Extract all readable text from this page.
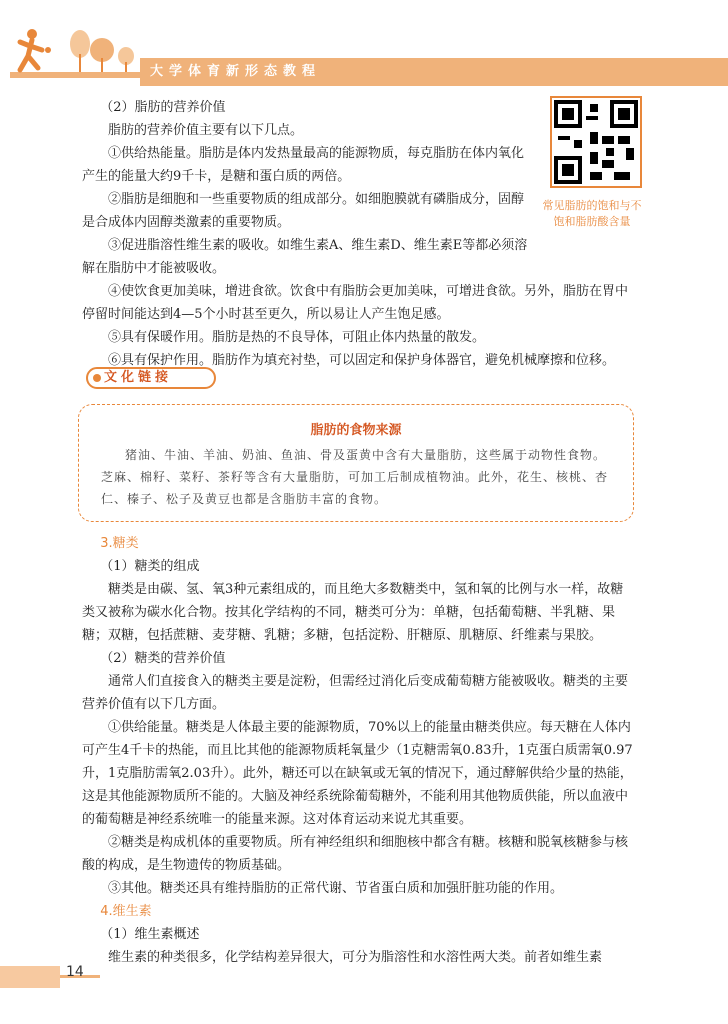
大学体育新形态教程
常见脂肪的饱和与不饱和脂肪酸含量

（2）脂肪的营养价值

脂肪的营养价值主要有以下几点。

①供给热能量。脂肪是体内发热量最高的能源物质，每克脂肪在体内氧化产生的能量大约9千卡，是糖和蛋白质的两倍。

②脂肪是细胞和一些重要物质的组成部分。如细胞膜就有磷脂成分，固醇是合成体内固醇类激素的重要物质。

③促进脂溶性维生素的吸收。如维生素A、维生素D、维生素E等都必须溶解在脂肪中才能被吸收。

④使饮食更加美味，增进食欲。饮食中有脂肪会更加美味，可增进食欲。另外，脂肪在胃中停留时间能达到4—5个小时甚至更久，所以易让人产生饱足感。

⑤具有保暖作用。脂肪是热的不良导体，可阻止体内热量的散发。

⑥具有保护作用。脂肪作为填充衬垫，可以固定和保护身体器官，避免机械摩擦和位移。

文化链接
脂肪的食物来源

猪油、牛油、羊油、奶油、鱼油、骨及蛋黄中含有大量脂肪，这些属于动物性食物。芝麻、棉籽、菜籽、茶籽等含有大量脂肪，可加工后制成植物油。此外，花生、核桃、杏仁、榛子、松子及黄豆也都是含脂肪丰富的食物。

3.糖类

（1）糖类的组成

糖类是由碳、氢、氧3种元素组成的，而且绝大多数糖类中，氢和氧的比例与水一样，故糖类又被称为碳水化合物。按其化学结构的不同，糖类可分为：单糖，包括葡萄糖、半乳糖、果糖；双糖，包括蔗糖、麦芽糖、乳糖；多糖，包括淀粉、肝糖原、肌糖原、纤维素与果胶。

（2）糖类的营养价值

通常人们直接食入的糖类主要是淀粉，但需经过消化后变成葡萄糖方能被吸收。糖类的主要营养价值有以下几方面。

①供给能量。糖类是人体最主要的能源物质，70%以上的能量由糖类供应。每天糖在人体内可产生4千卡的热能，而且比其他的能源物质耗氧量少（1克糖需氧0.83升，1克蛋白质需氧0.97升，1克脂肪需氧2.03升）。此外，糖还可以在缺氧或无氧的情况下，通过酵解供给少量的热能，这是其他能源物质所不能的。大脑及神经系统除葡萄糖外，不能利用其他物质供能，所以血液中的葡萄糖是神经系统唯一的能量来源。这对体育运动来说尤其重要。

②糖类是构成机体的重要物质。所有神经组织和细胞核中都含有糖。核糖和脱氧核糖参与核酸的构成，是生物遗传的物质基础。

③其他。糖类还具有维持脂肪的正常代谢、节省蛋白质和加强肝脏功能的作用。

4.维生素

（1）维生素概述

维生素的种类很多，化学结构差异很大，可分为脂溶性和水溶性两大类。前者如维生素

14
